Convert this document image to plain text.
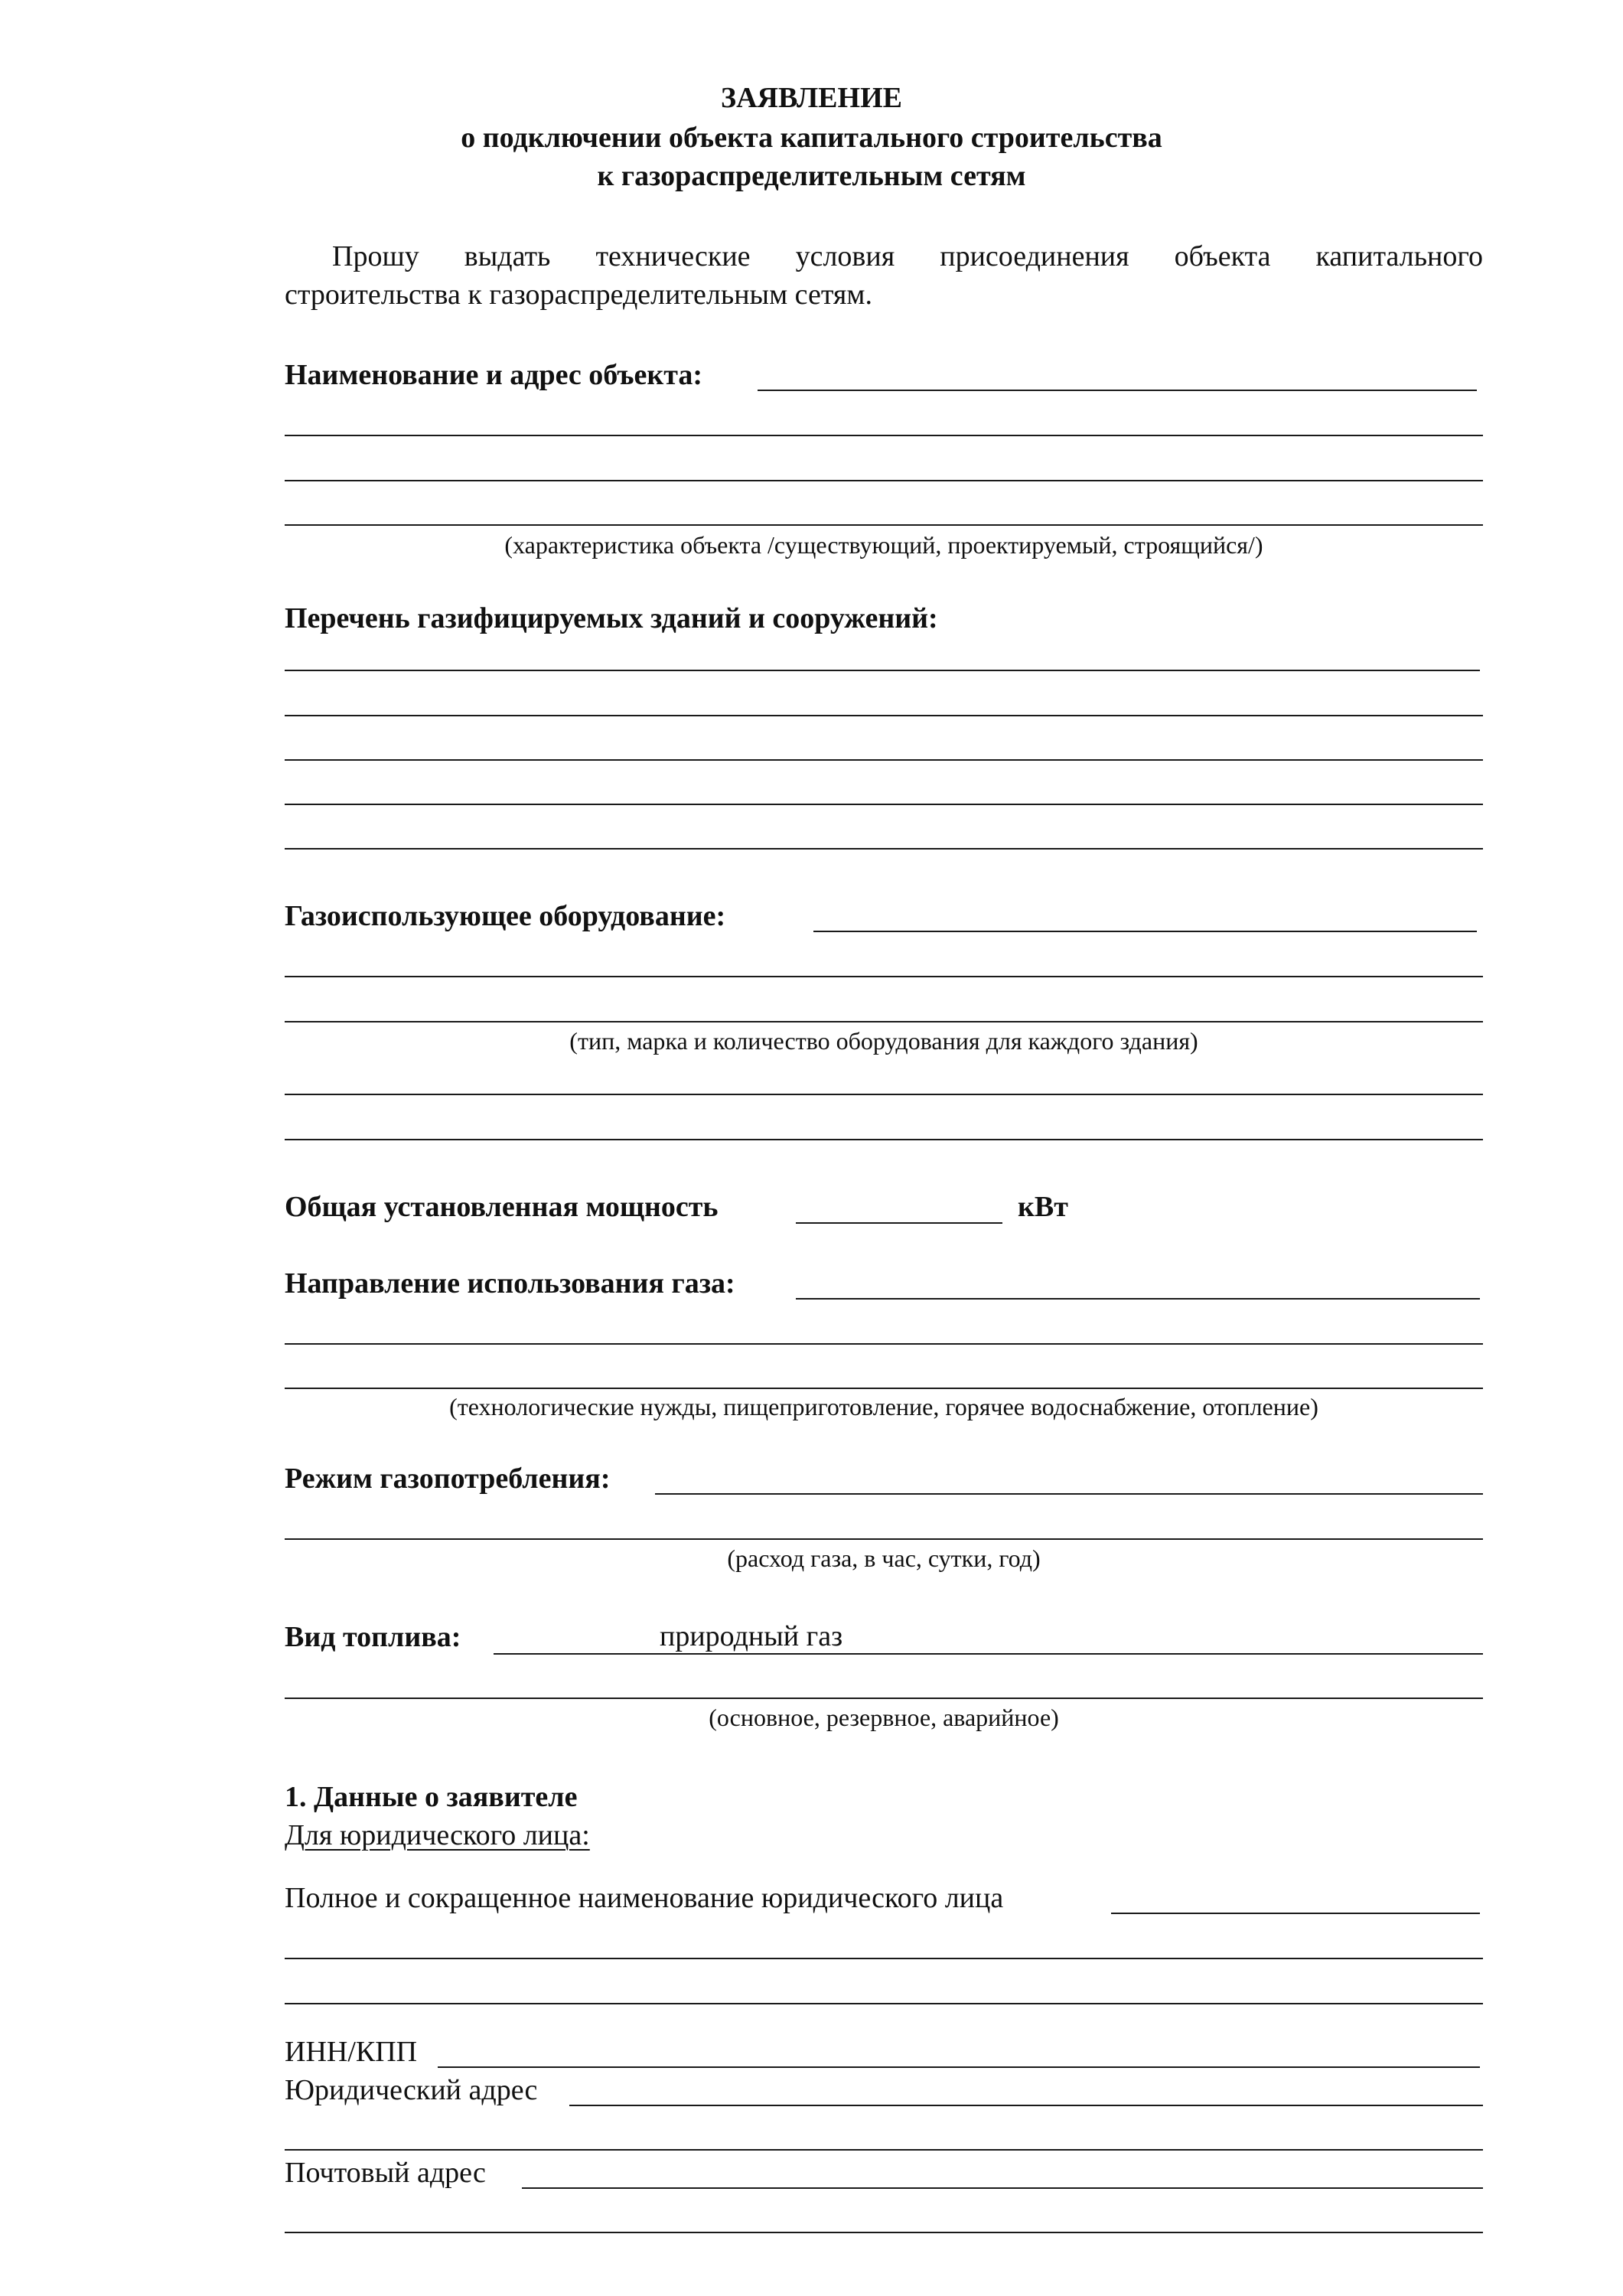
ЗАЯВЛЕНИЕ
о подключении объекта капитального строительства
к газораспределительным сетям
Прошу выдать технические условия присоединения объекта капитального
строительства к газораспределительным сетям.
Наименование и адрес объекта:
(характеристика объекта /существующий, проектируемый, строящийся/)
Перечень газифицируемых зданий и сооружений:
Газоиспользующее оборудование:
(тип, марка и количество оборудования для каждого здания)
Общая установленная мощность	кВт
Направление использования газа:
(технологические нужды, пищеприготовление, горячее водоснабжение, отопление)
Режим газопотребления:
(расход газа, в час, сутки, год)
Вид топлива:	природный газ
(основное, резервное, аварийное)
1. Данные о заявителе
Для юридического лица:
Полное и сокращенное наименование юридического лица
ИНН/КПП
Юридический адрес
Почтовый адрес
